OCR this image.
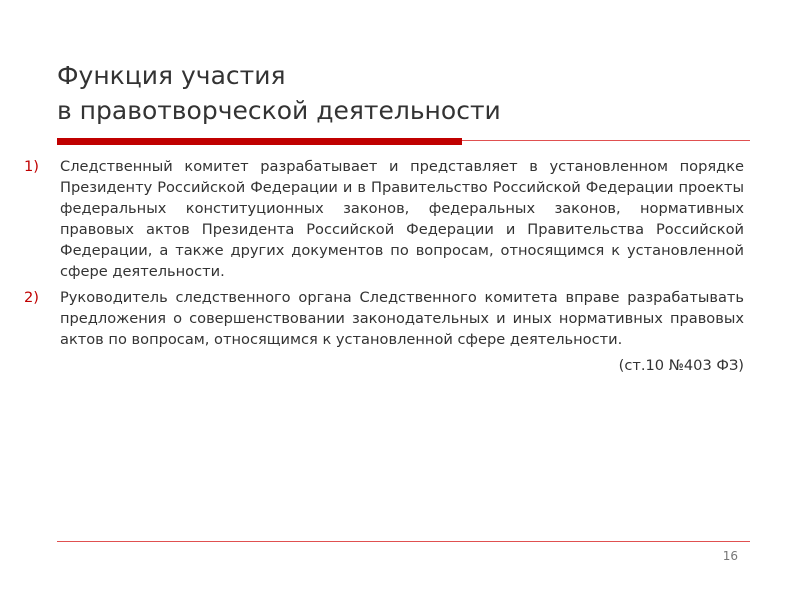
Функция участия
в правотворческой деятельности
1)	Следственный комитет разрабатывает и представляет в установленном порядке Президенту Российской Федерации и в Правительство Российской Федерации проекты федеральных конституционных законов, федеральных законов, нормативных правовых актов Президента Российской Федерации и Правительства Российской Федерации, а также других документов по вопросам, относящимся к установленной сфере деятельности.
2)	Руководитель следственного органа Следственного комитета вправе разрабатывать предложения о совершенствовании законодательных и иных нормативных правовых актов по вопросам, относящимся к установленной сфере деятельности.
(ст.10 №403 ФЗ)
16
